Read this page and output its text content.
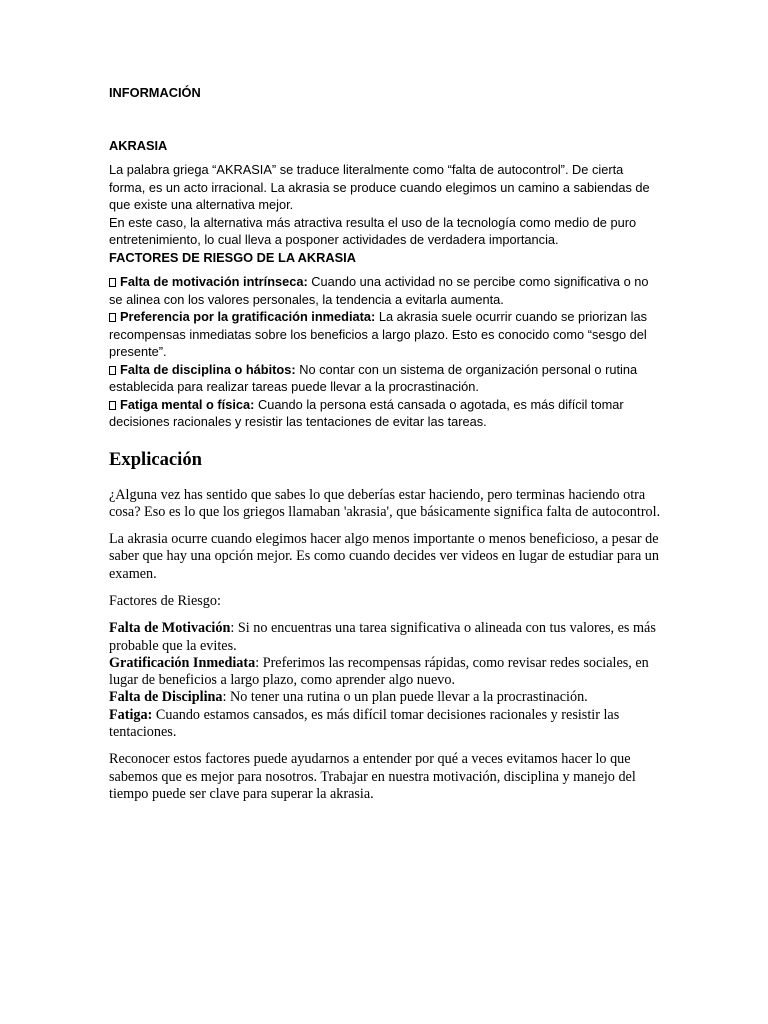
INFORMACIÓN

AKRASIA

La palabra griega “AKRASIA” se traduce literalmente como “falta de autocontrol”. De cierta forma, es un acto irracional. La akrasia se produce cuando elegimos un camino a sabiendas de que existe una alternativa mejor.

En este caso, la alternativa más atractiva resulta el uso de la tecnología como medio de puro entretenimiento, lo cual lleva a posponer actividades de verdadera importancia.

FACTORES DE RIESGO DE LA AKRASIA

Falta de motivación intrínseca: Cuando una actividad no se percibe como significativa o no se alinea con los valores personales, la tendencia a evitarla aumenta.

Preferencia por la gratificación inmediata: La akrasia suele ocurrir cuando se priorizan las recompensas inmediatas sobre los beneficios a largo plazo. Esto es conocido como “sesgo del presente”.

Falta de disciplina o hábitos: No contar con un sistema de organización personal o rutina establecida para realizar tareas puede llevar a la procrastinación.

Fatiga mental o física: Cuando la persona está cansada o agotada, es más difícil tomar decisiones racionales y resistir las tentaciones de evitar las tareas.

Explicación

¿Alguna vez has sentido que sabes lo que deberías estar haciendo, pero terminas haciendo otra cosa? Eso es lo que los griegos llamaban 'akrasia', que básicamente significa falta de autocontrol.

La akrasia ocurre cuando elegimos hacer algo menos importante o menos beneficioso, a pesar de saber que hay una opción mejor. Es como cuando decides ver videos en lugar de estudiar para un examen.

Factores de Riesgo:

Falta de Motivación: Si no encuentras una tarea significativa o alineada con tus valores, es más probable que la evites.

Gratificación Inmediata: Preferimos las recompensas rápidas, como revisar redes sociales, en lugar de beneficios a largo plazo, como aprender algo nuevo.

Falta de Disciplina: No tener una rutina o un plan puede llevar a la procrastinación.

Fatiga: Cuando estamos cansados, es más difícil tomar decisiones racionales y resistir las tentaciones.

Reconocer estos factores puede ayudarnos a entender por qué a veces evitamos hacer lo que sabemos que es mejor para nosotros. Trabajar en nuestra motivación, disciplina y manejo del tiempo puede ser clave para superar la akrasia.
